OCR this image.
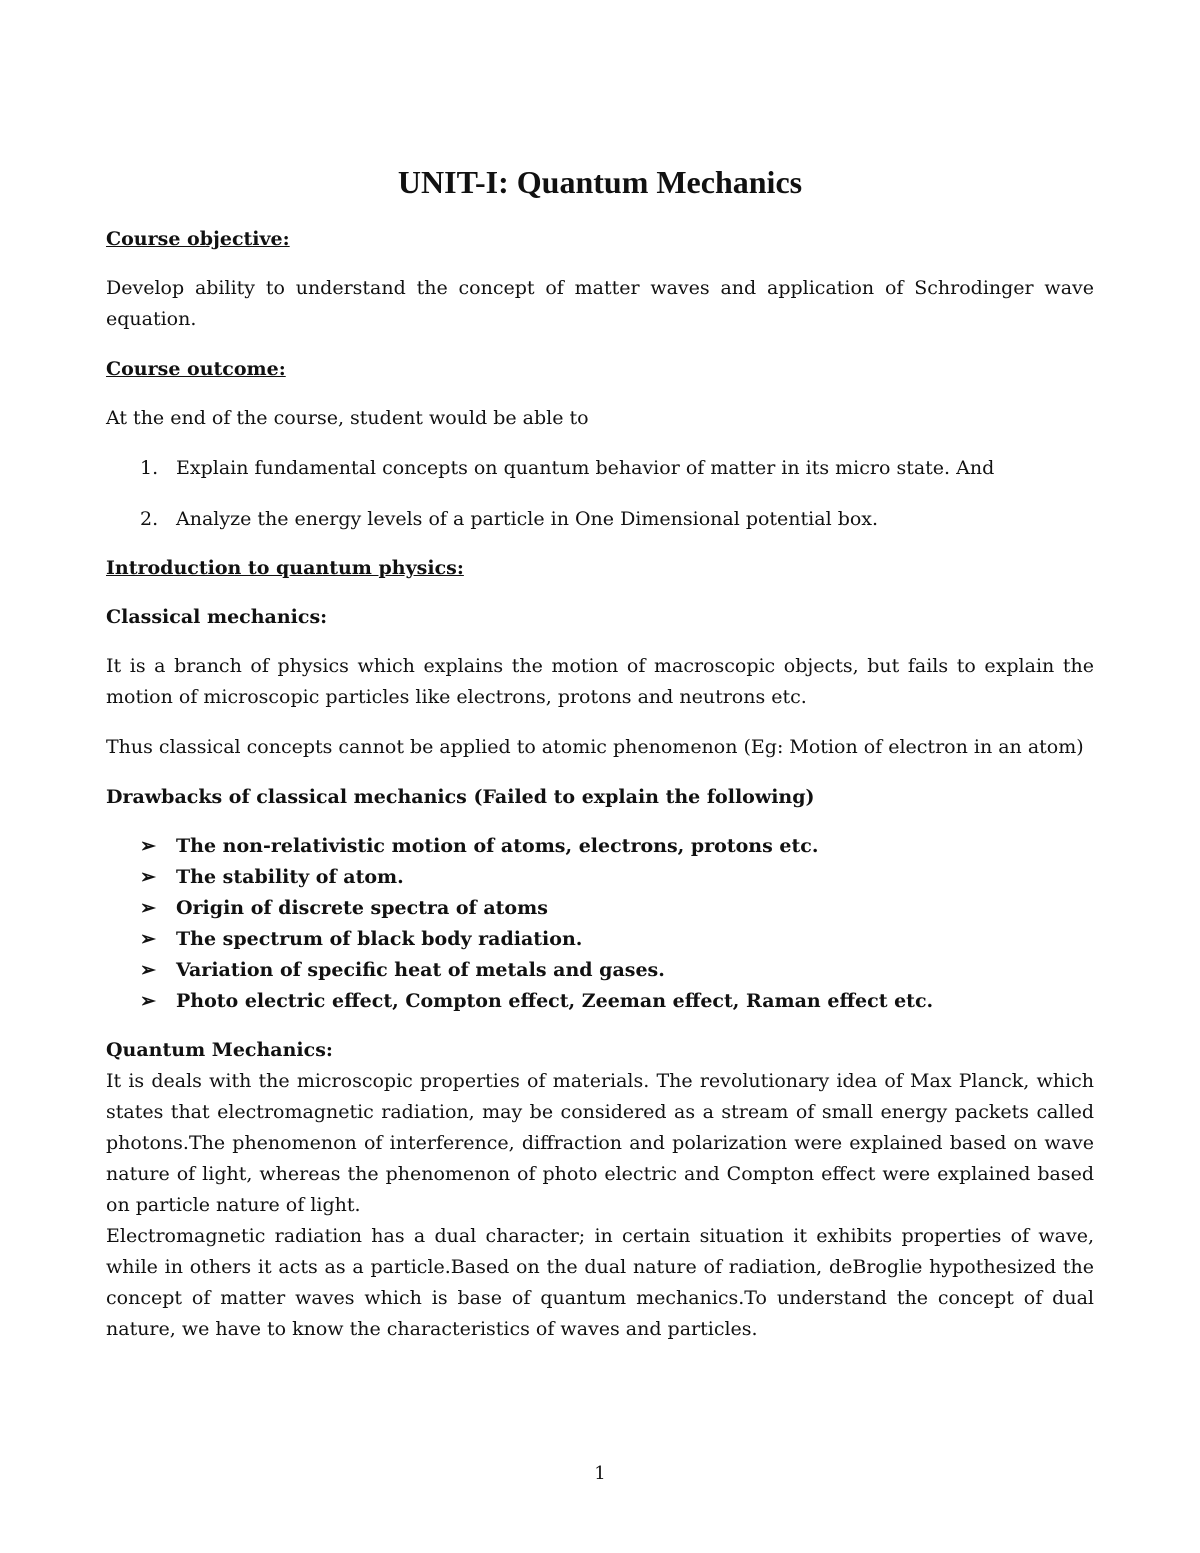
UNIT-I: Quantum Mechanics
Course objective:

Develop ability to understand the concept of matter waves and application of Schrodinger wave equation.

Course outcome:

At the end of the course, student would be able to

1. Explain fundamental concepts on quantum behavior of matter in its micro state. And
2. Analyze the energy levels of a particle in One Dimensional potential box.
Introduction to quantum physics:
Classical mechanics:

It is a branch of physics which explains the motion of macroscopic objects, but fails to explain the motion of microscopic particles like electrons, protons and neutrons etc.

Thus classical concepts cannot be applied to atomic phenomenon (Eg: Motion of electron in an atom)

Drawbacks of classical mechanics (Failed to explain the following)
➢	The non-relativistic motion of atoms, electrons, protons etc.
➢	The stability of atom.
➢	Origin of discrete spectra of atoms
➢	The spectrum of black body radiation.
➢	Variation of specific heat of metals and gases.
➢	Photo electric effect, Compton effect, Zeeman effect, Raman effect etc.
Quantum Mechanics:

It is deals with the microscopic properties of materials. The revolutionary idea of Max Planck, which states that electromagnetic radiation, may be considered as a stream of small energy packets called photons.The phenomenon of interference, diffraction and polarization were explained based on wave nature of light, whereas the phenomenon of photo electric and Compton effect were explained based on particle nature of light.

Electromagnetic radiation has a dual character; in certain situation it exhibits properties of wave, while in others it acts as a particle.Based on the dual nature of radiation, deBroglie hypothesized the concept of matter waves which is base of quantum mechanics.To understand the concept of dual nature, we have to know the characteristics of waves and particles.

1
